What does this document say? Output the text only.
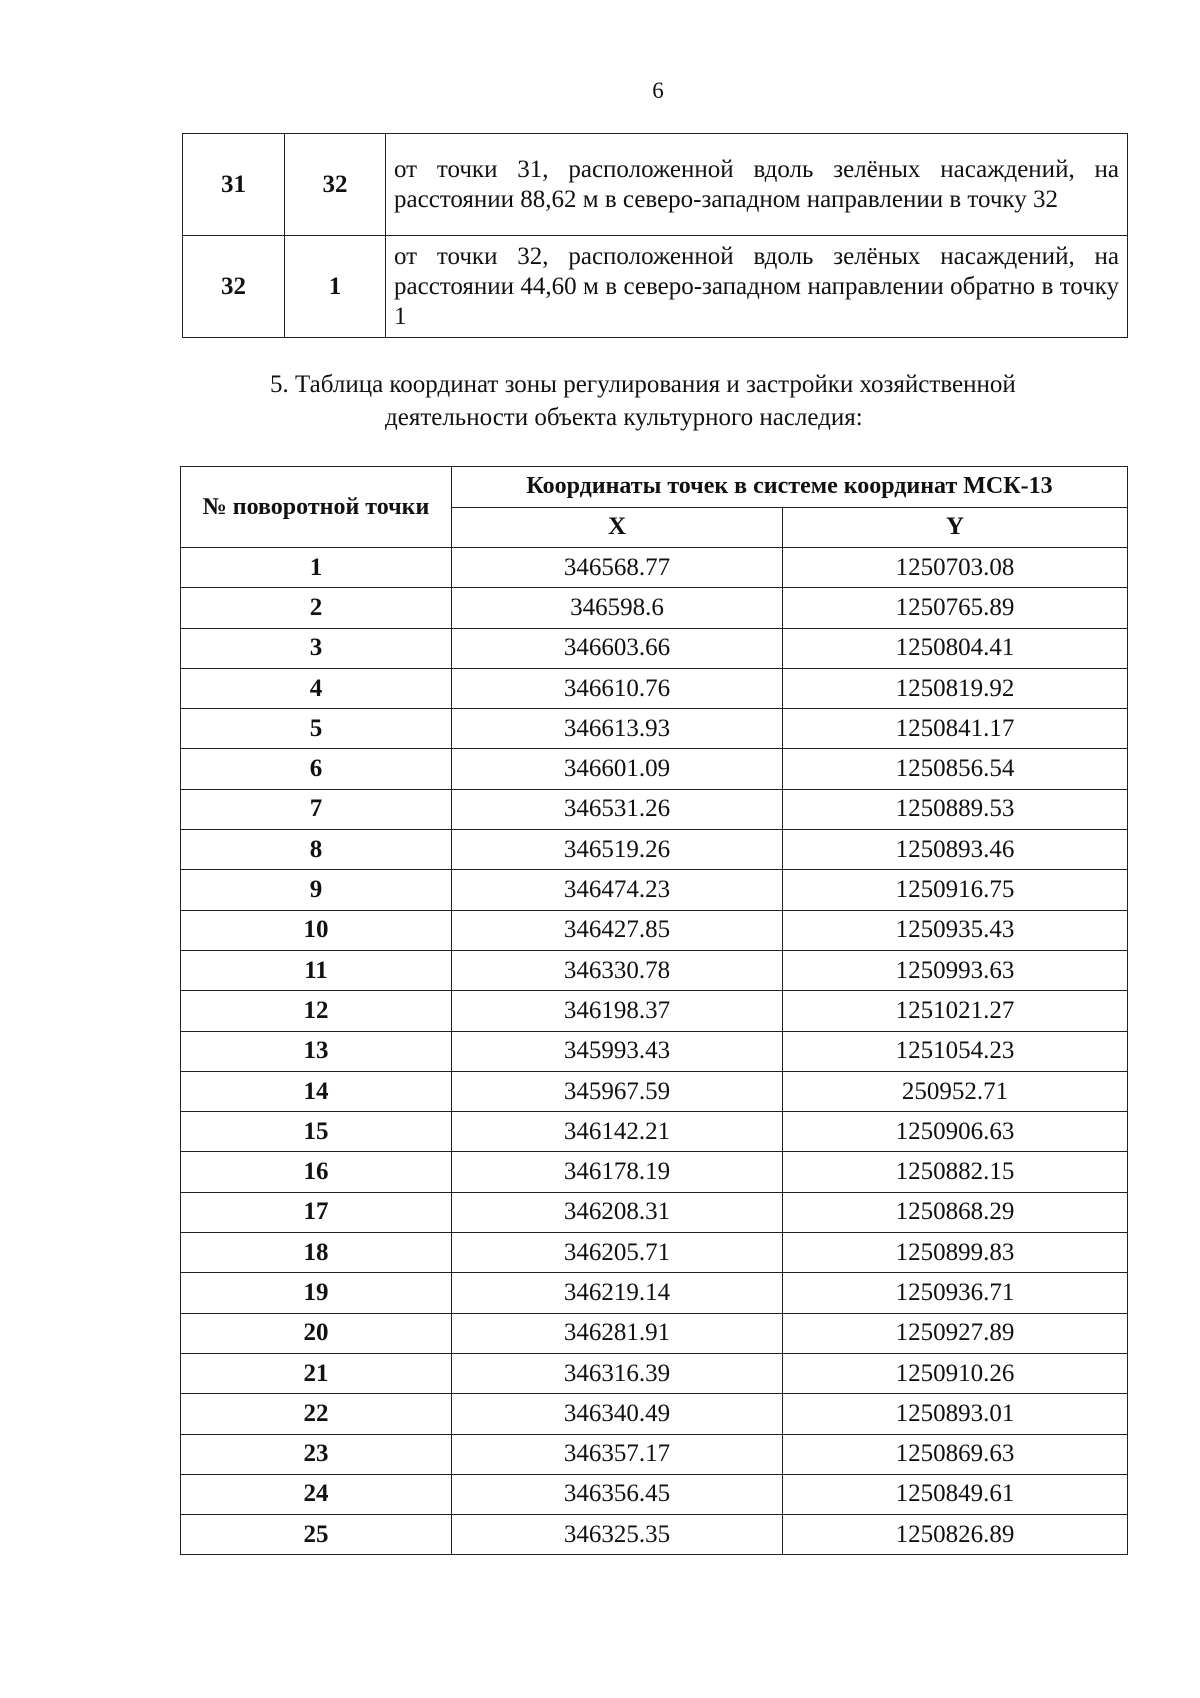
6
31	32	от точки 31, расположенной вдоль зелёных насаждений, на расстоянии 88,62 м в северо-западном направлении в точку 32
32	1	от точки 32, расположенной вдоль зелёных насаждений, на расстоянии 44,60 м в северо-западном направлении обратно в точку 1
5. Таблица координат зоны регулирования и застройки хозяйственной
деятельности объекта культурного наследия:
№ поворотной точки	Координаты точек в системе координат МСК-13	
	X	Y
1	346568.77	1250703.08
2	346598.6	1250765.89
3	346603.66	1250804.41
4	346610.76	1250819.92
5	346613.93	1250841.17
6	346601.09	1250856.54
7	346531.26	1250889.53
8	346519.26	1250893.46
9	346474.23	1250916.75
10	346427.85	1250935.43
11	346330.78	1250993.63
12	346198.37	1251021.27
13	345993.43	1251054.23
14	345967.59	250952.71
15	346142.21	1250906.63
16	346178.19	1250882.15
17	346208.31	1250868.29
18	346205.71	1250899.83
19	346219.14	1250936.71
20	346281.91	1250927.89
21	346316.39	1250910.26
22	346340.49	1250893.01
23	346357.17	1250869.63
24	346356.45	1250849.61
25	346325.35	1250826.89
